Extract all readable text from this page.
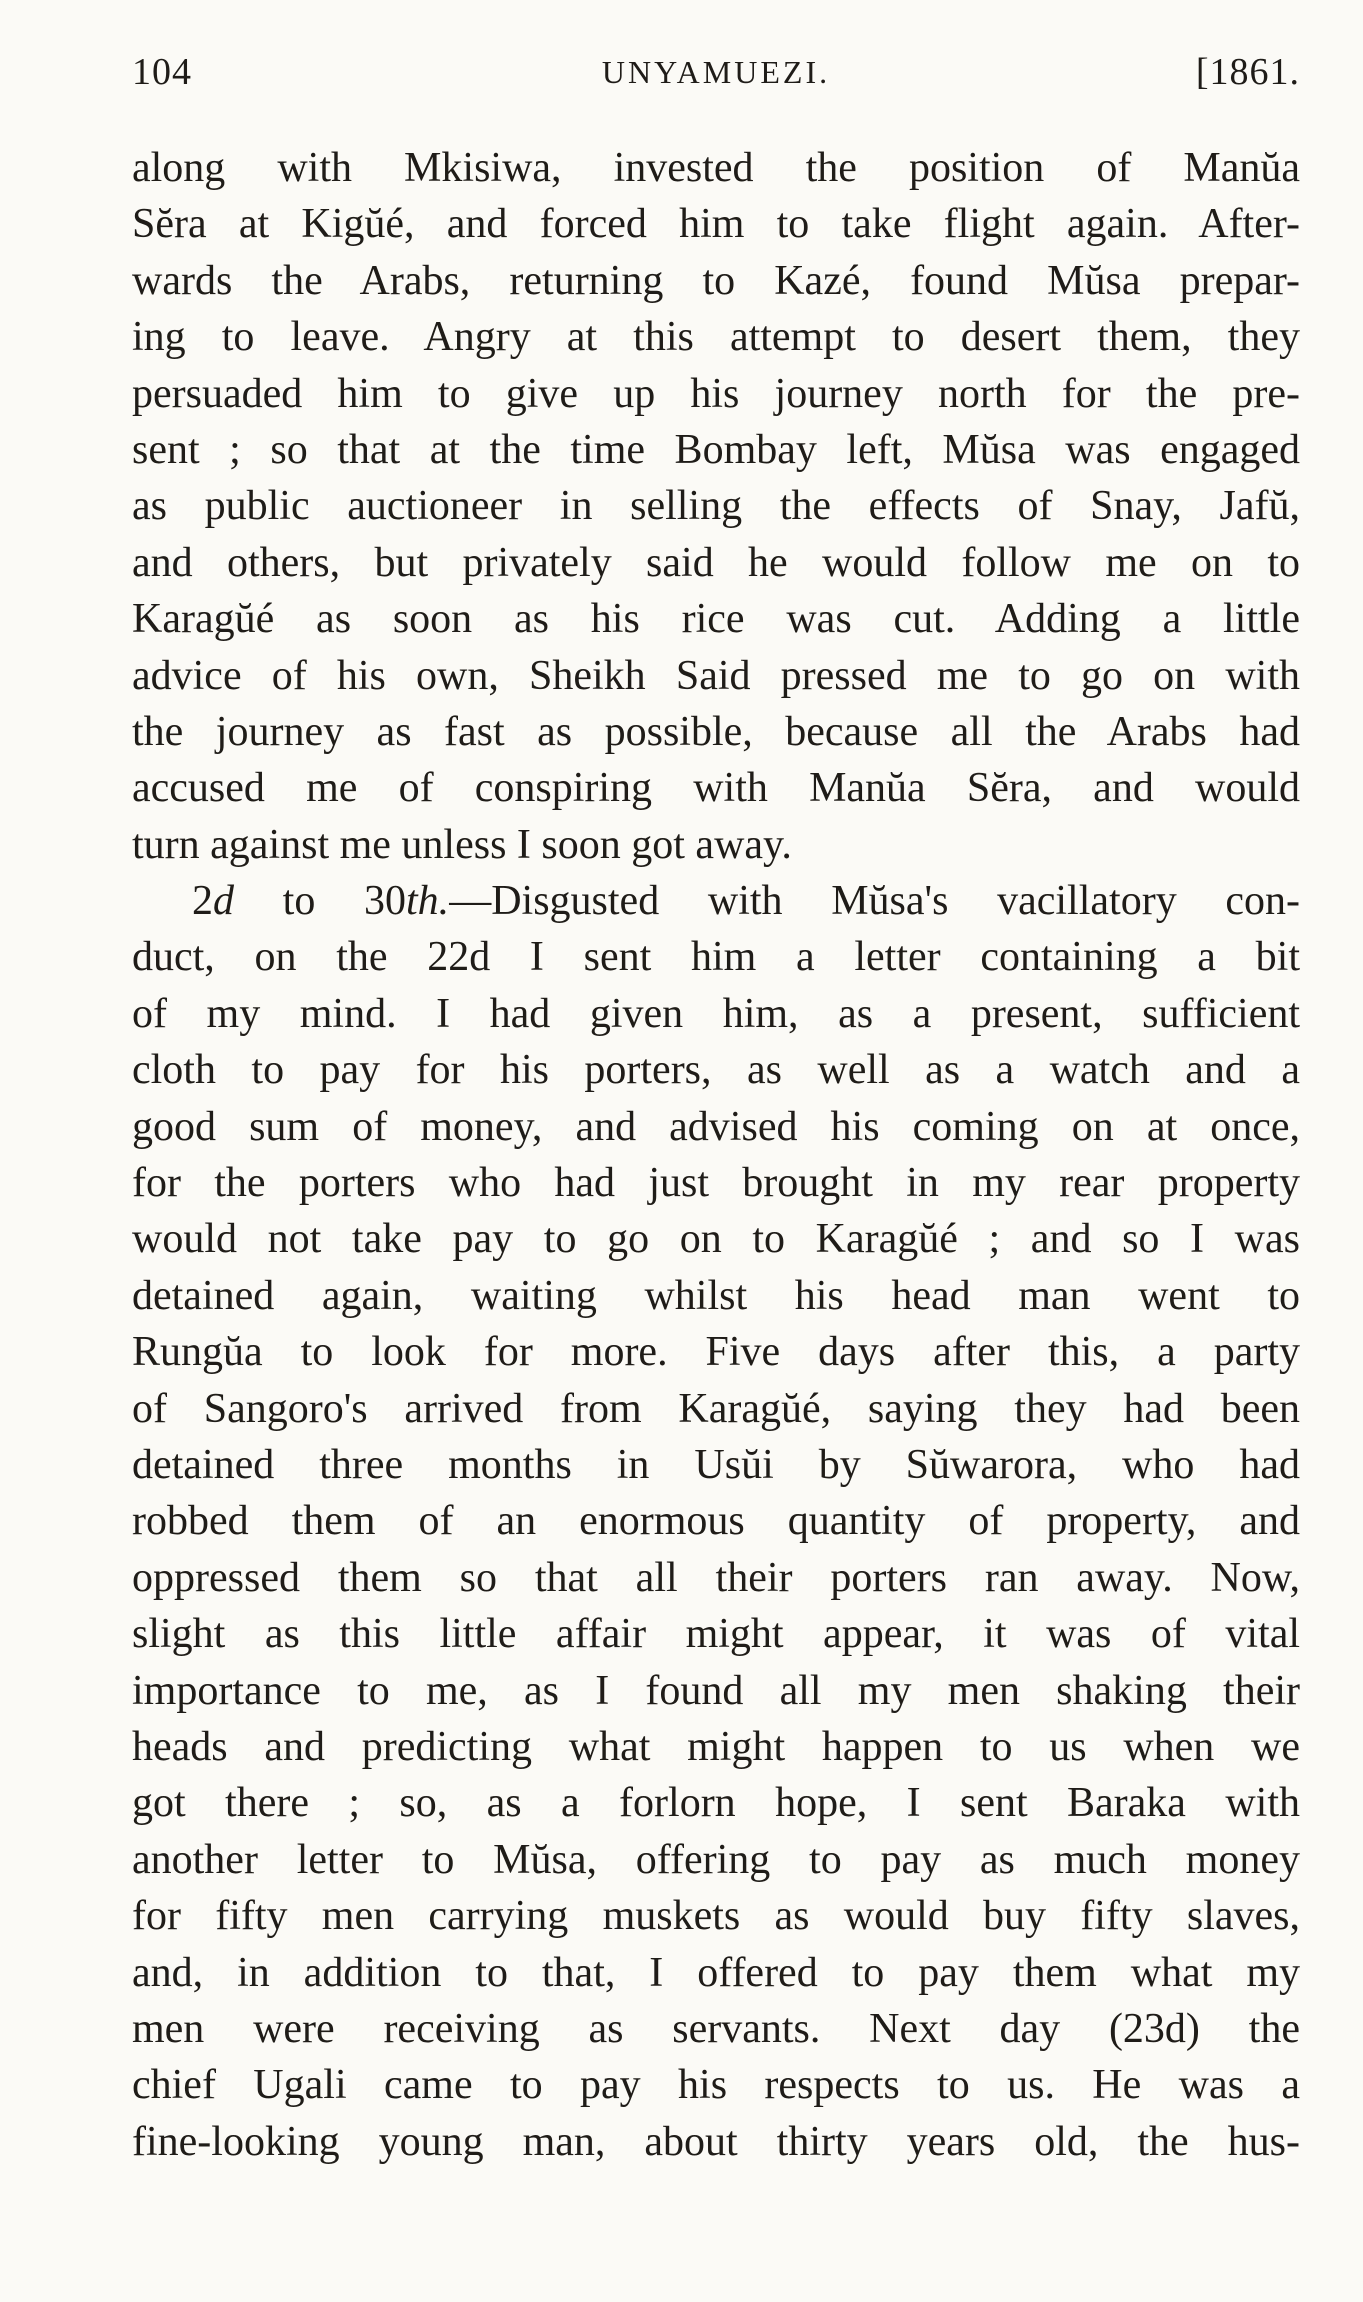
104	UNYAMUEZI.	[1861.
along with Mkisiwa, invested the position of Manŭa
Sĕra at Kigŭé, and forced him to take flight again. After-
wards the Arabs, returning to Kazé, found Mŭsa prepar-
ing to leave. Angry at this attempt to desert them, they
persuaded him to give up his journey north for the pre-
sent ; so that at the time Bombay left, Mŭsa was engaged
as public auctioneer in selling the effects of Snay, Jafŭ,
and others, but privately said he would follow me on to
Karagŭé as soon as his rice was cut. Adding a little
advice of his own, Sheikh Said pressed me to go on with
the journey as fast as possible, because all the Arabs had
accused me of conspiring with Manŭa Sĕra, and would
turn against me unless I soon got away.
2d to 30th.—Disgusted with Mŭsa's vacillatory con-
duct, on the 22d I sent him a letter containing a bit
of my mind. I had given him, as a present, sufficient
cloth to pay for his porters, as well as a watch and a
good sum of money, and advised his coming on at once,
for the porters who had just brought in my rear property
would not take pay to go on to Karagŭé ; and so I was
detained again, waiting whilst his head man went to
Rungŭa to look for more. Five days after this, a party
of Sangoro's arrived from Karagŭé, saying they had been
detained three months in Usŭi by Sŭwarora, who had
robbed them of an enormous quantity of property, and
oppressed them so that all their porters ran away. Now,
slight as this little affair might appear, it was of vital
importance to me, as I found all my men shaking their
heads and predicting what might happen to us when we
got there ; so, as a forlorn hope, I sent Baraka with
another letter to Mŭsa, offering to pay as much money
for fifty men carrying muskets as would buy fifty slaves,
and, in addition to that, I offered to pay them what my
men were receiving as servants. Next day (23d) the
chief Ugali came to pay his respects to us. He was a
fine-looking young man, about thirty years old, the hus-
